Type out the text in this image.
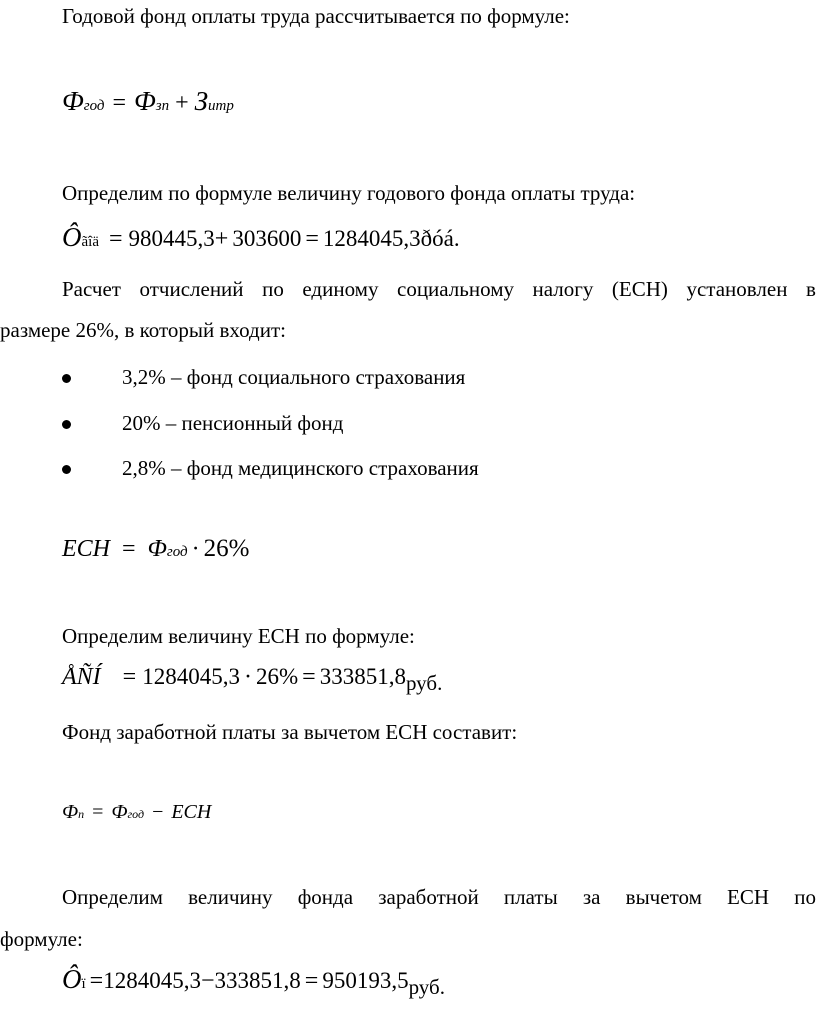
Годовой фонд оплаты труда рассчитывается по формуле:
Фгод = Фзп + Зитр
Определим по формуле величину годового фонда оплаты труда:
Ôãîä = 980445,3+ 303600 = 1284045,3ðóá.
Расчет отчислений по единому социальному налогу (ЕСН) установлен в
размере 26%, в который входит:
3,2% – фонд социального страхования
20% – пенсионный фонд
2,8% – фонд медицинского страхования
ЕСН = Фгод · 26%
Определим величину ЕСН по формуле:
ÅÑÍ = 1284045,3 · 26% = 333851,8руб.
Фонд заработной платы за вычетом ЕСН составит:
Фп = Фгод − ЕСН
Определим величину фонда заработной платы за вычетом ЕСН по
формуле:
Ôï =1284045,3−333851,8 = 950193,5руб.
